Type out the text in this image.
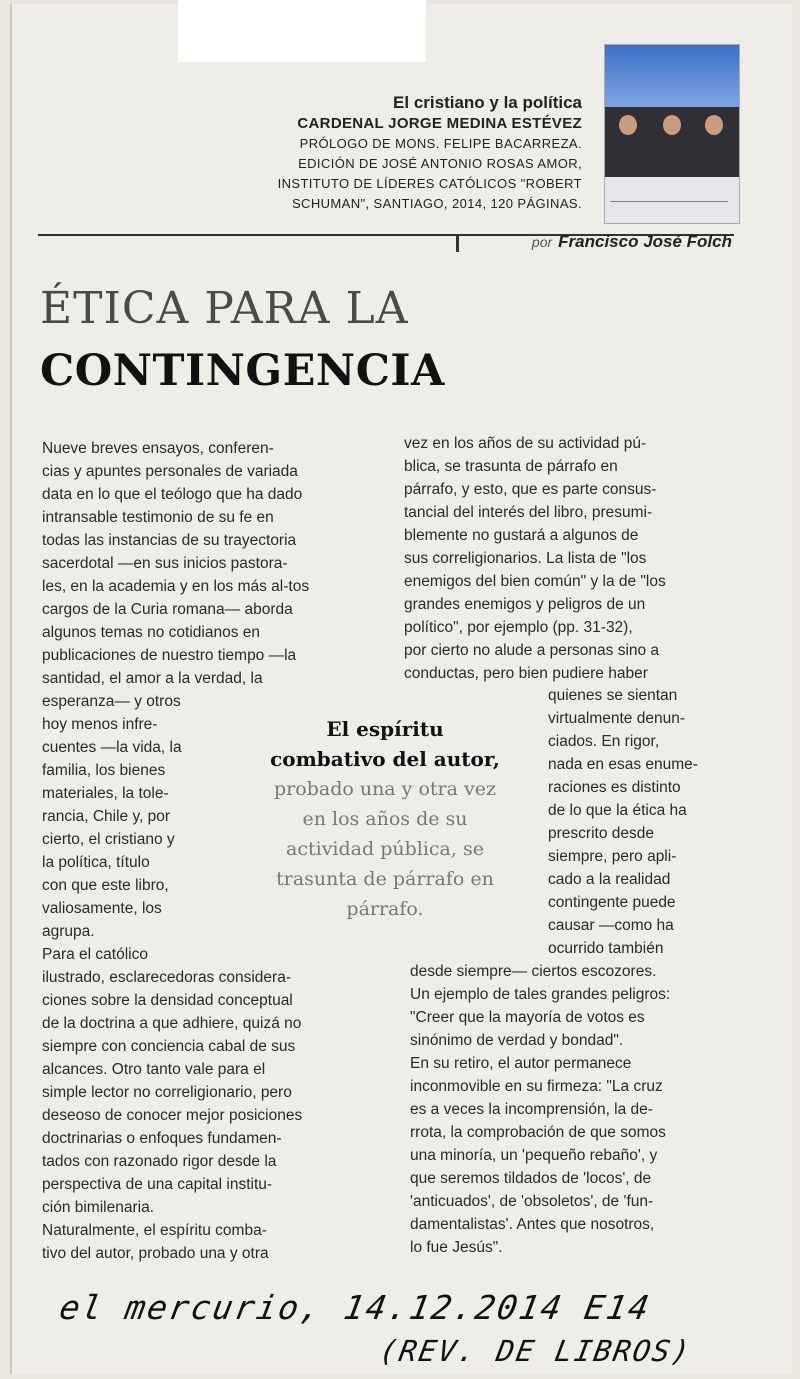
El cristiano y la política
CARDENAL JORGE MEDINA ESTÉVEZ
PRÓLOGO DE MONS. FELIPE BACARREZA.
EDICIÓN DE JOSÉ ANTONIO ROSAS AMOR,
INSTITUTO DE LÍDERES CATÓLICOS "ROBERT
SCHUMAN", SANTIAGO, 2014, 120 PÁGINAS.
por Francisco José Folch
ÉTICA PARA LA
CONTINGENCIA
Nueve breves ensayos, conferen-
cias y apuntes personales de variada
data en lo que el teólogo que ha dado
intransable testimonio de su fe en
todas las instancias de su trayectoria
sacerdotal —en sus inicios pastora-
les, en la academia y en los más al-tos
cargos de la Curia romana— aborda
algunos temas no cotidianos en
publicaciones de nuestro tiempo —la
santidad, el amor a la verdad, la
esperanza— y otros
hoy menos infre-
cuentes —la vida, la
familia, los bienes
materiales, la tole-
rancia, Chile y, por
cierto, el cristiano y
la política, título
con que este libro,
valiosamente, los
agrupa.
Para el católico
ilustrado, esclarecedoras considera-
ciones sobre la densidad conceptual
de la doctrina a que adhiere, quizá no
siempre con conciencia cabal de sus
alcances. Otro tanto vale para el
simple lector no correligionario, pero
deseoso de conocer mejor posiciones
doctrinarias o enfoques fundamen-
tados con razonado rigor desde la
perspectiva de una capital institu-
ción bimilenaria.
Naturalmente, el espíritu comba-
tivo del autor, probado una y otra
vez en los años de su actividad pú-
blica, se trasunta de párrafo en
párrafo, y esto, que es parte consus-
tancial del interés del libro, presumi-
blemente no gustará a algunos de
sus correligionarios. La lista de "los
enemigos del bien común" y la de "los
grandes enemigos y peligros de un
político", por ejemplo (pp. 31-32),
por cierto no alude a personas sino a
conductas, pero bien pudiere haber
quienes se sientan
virtualmente denun-
ciados. En rigor,
nada en esas enume-
raciones es distinto
de lo que la ética ha
prescrito desde
siempre, pero apli-
cado a la realidad
contingente puede
causar —como ha
ocurrido también
desde siempre— ciertos escozores.
Un ejemplo de tales grandes peligros:
"Creer que la mayoría de votos es
sinónimo de verdad y bondad".
En su retiro, el autor permanece
inconmovible en su firmeza: "La cruz
es a veces la incomprensión, la de-
rrota, la comprobación de que somos
una minoría, un 'pequeño rebaño', y
que seremos tildados de 'locos', de
'anticuados', de 'obsoletos', de 'fun-
damentalistas'. Antes que nosotros,
lo fue Jesús".
El espíritu
combativo del autor,
probado una y otra vez
en los años de su
actividad pública, se
trasunta de párrafo en
párrafo.
el mercurio, 14.12.2014 E14
(REV. DE LIBROS)
